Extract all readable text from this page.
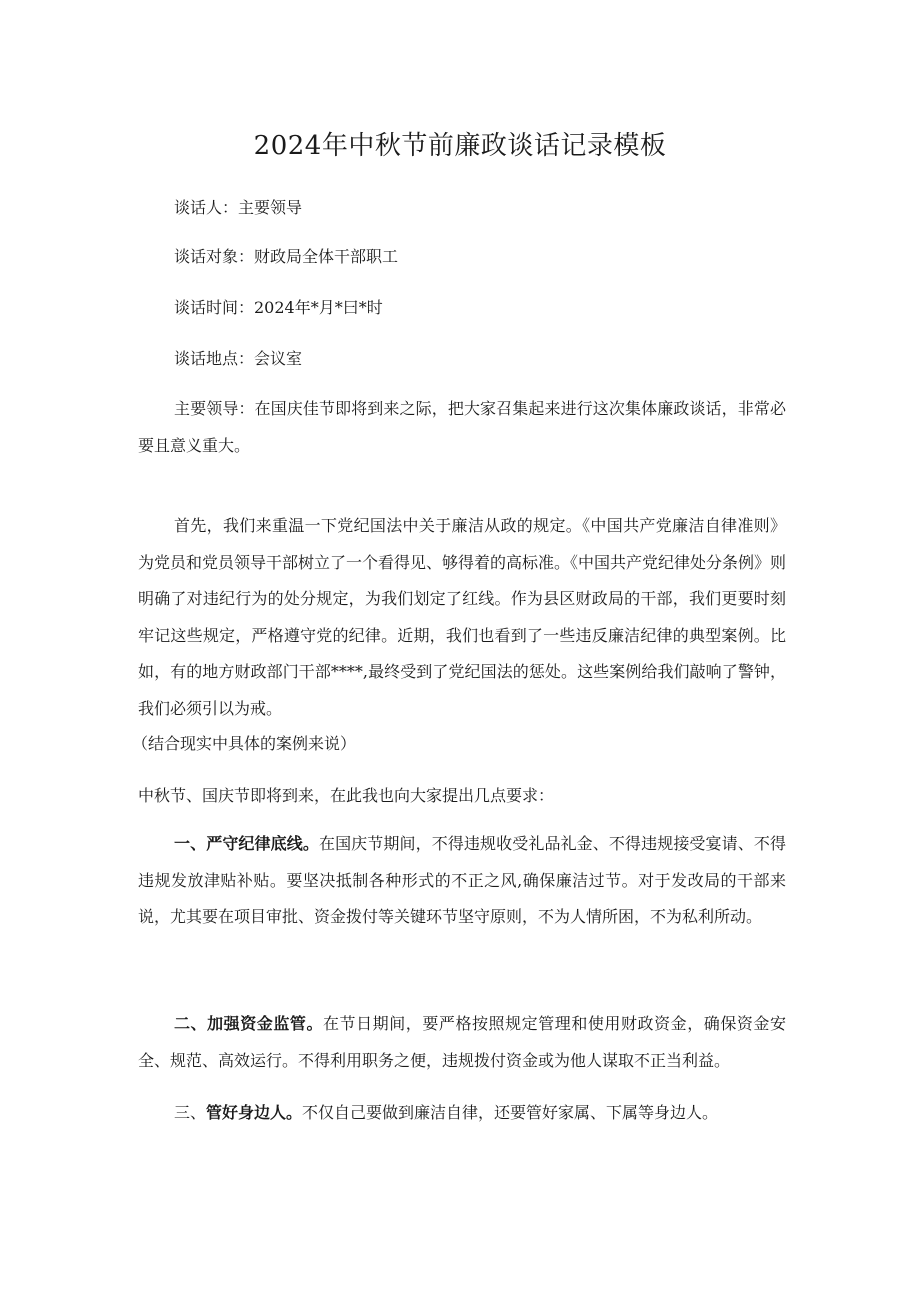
2024年中秋节前廉政谈话记录模板

谈话人：主要领导

谈话对象：财政局全体干部职工

谈话时间：2024年*月*曰*时

谈话地点：会议室

主要领导：在国庆佳节即将到来之际，把大家召集起来进行这次集体廉政谈话，非常必要且意义重大。

首先，我们来重温一下党纪国法中关于廉洁从政的规定。《中国共产党廉洁自律准则》为党员和党员领导干部树立了一个看得见、够得着的高标准。《中国共产党纪律处分条例》则明确了对违纪行为的处分规定，为我们划定了红线。作为县区财政局的干部，我们更要时刻牢记这些规定，严格遵守党的纪律。近期，我们也看到了一些违反廉洁纪律的典型案例。比如，有的地方财政部门干部****,最终受到了党纪国法的惩处。这些案例给我们敲响了警钟，我们必须引以为戒。

（结合现实中具体的案例来说）

中秋节、国庆节即将到来，在此我也向大家提出几点要求：

一、严守纪律底线。在国庆节期间，不得违规收受礼品礼金、不得违规接受宴请、不得违规发放津贴补贴。要坚决抵制各种形式的不正之风,确保廉洁过节。对于发改局的干部来说，尤其要在项目审批、资金拨付等关键环节坚守原则，不为人情所困，不为私利所动。

二、加强资金监管。在节日期间，要严格按照规定管理和使用财政资金，确保资金安全、规范、高效运行。不得利用职务之便，违规拨付资金或为他人谋取不正当利益。

三、管好身边人。不仅自己要做到廉洁自律，还要管好家属、下属等身边人。
